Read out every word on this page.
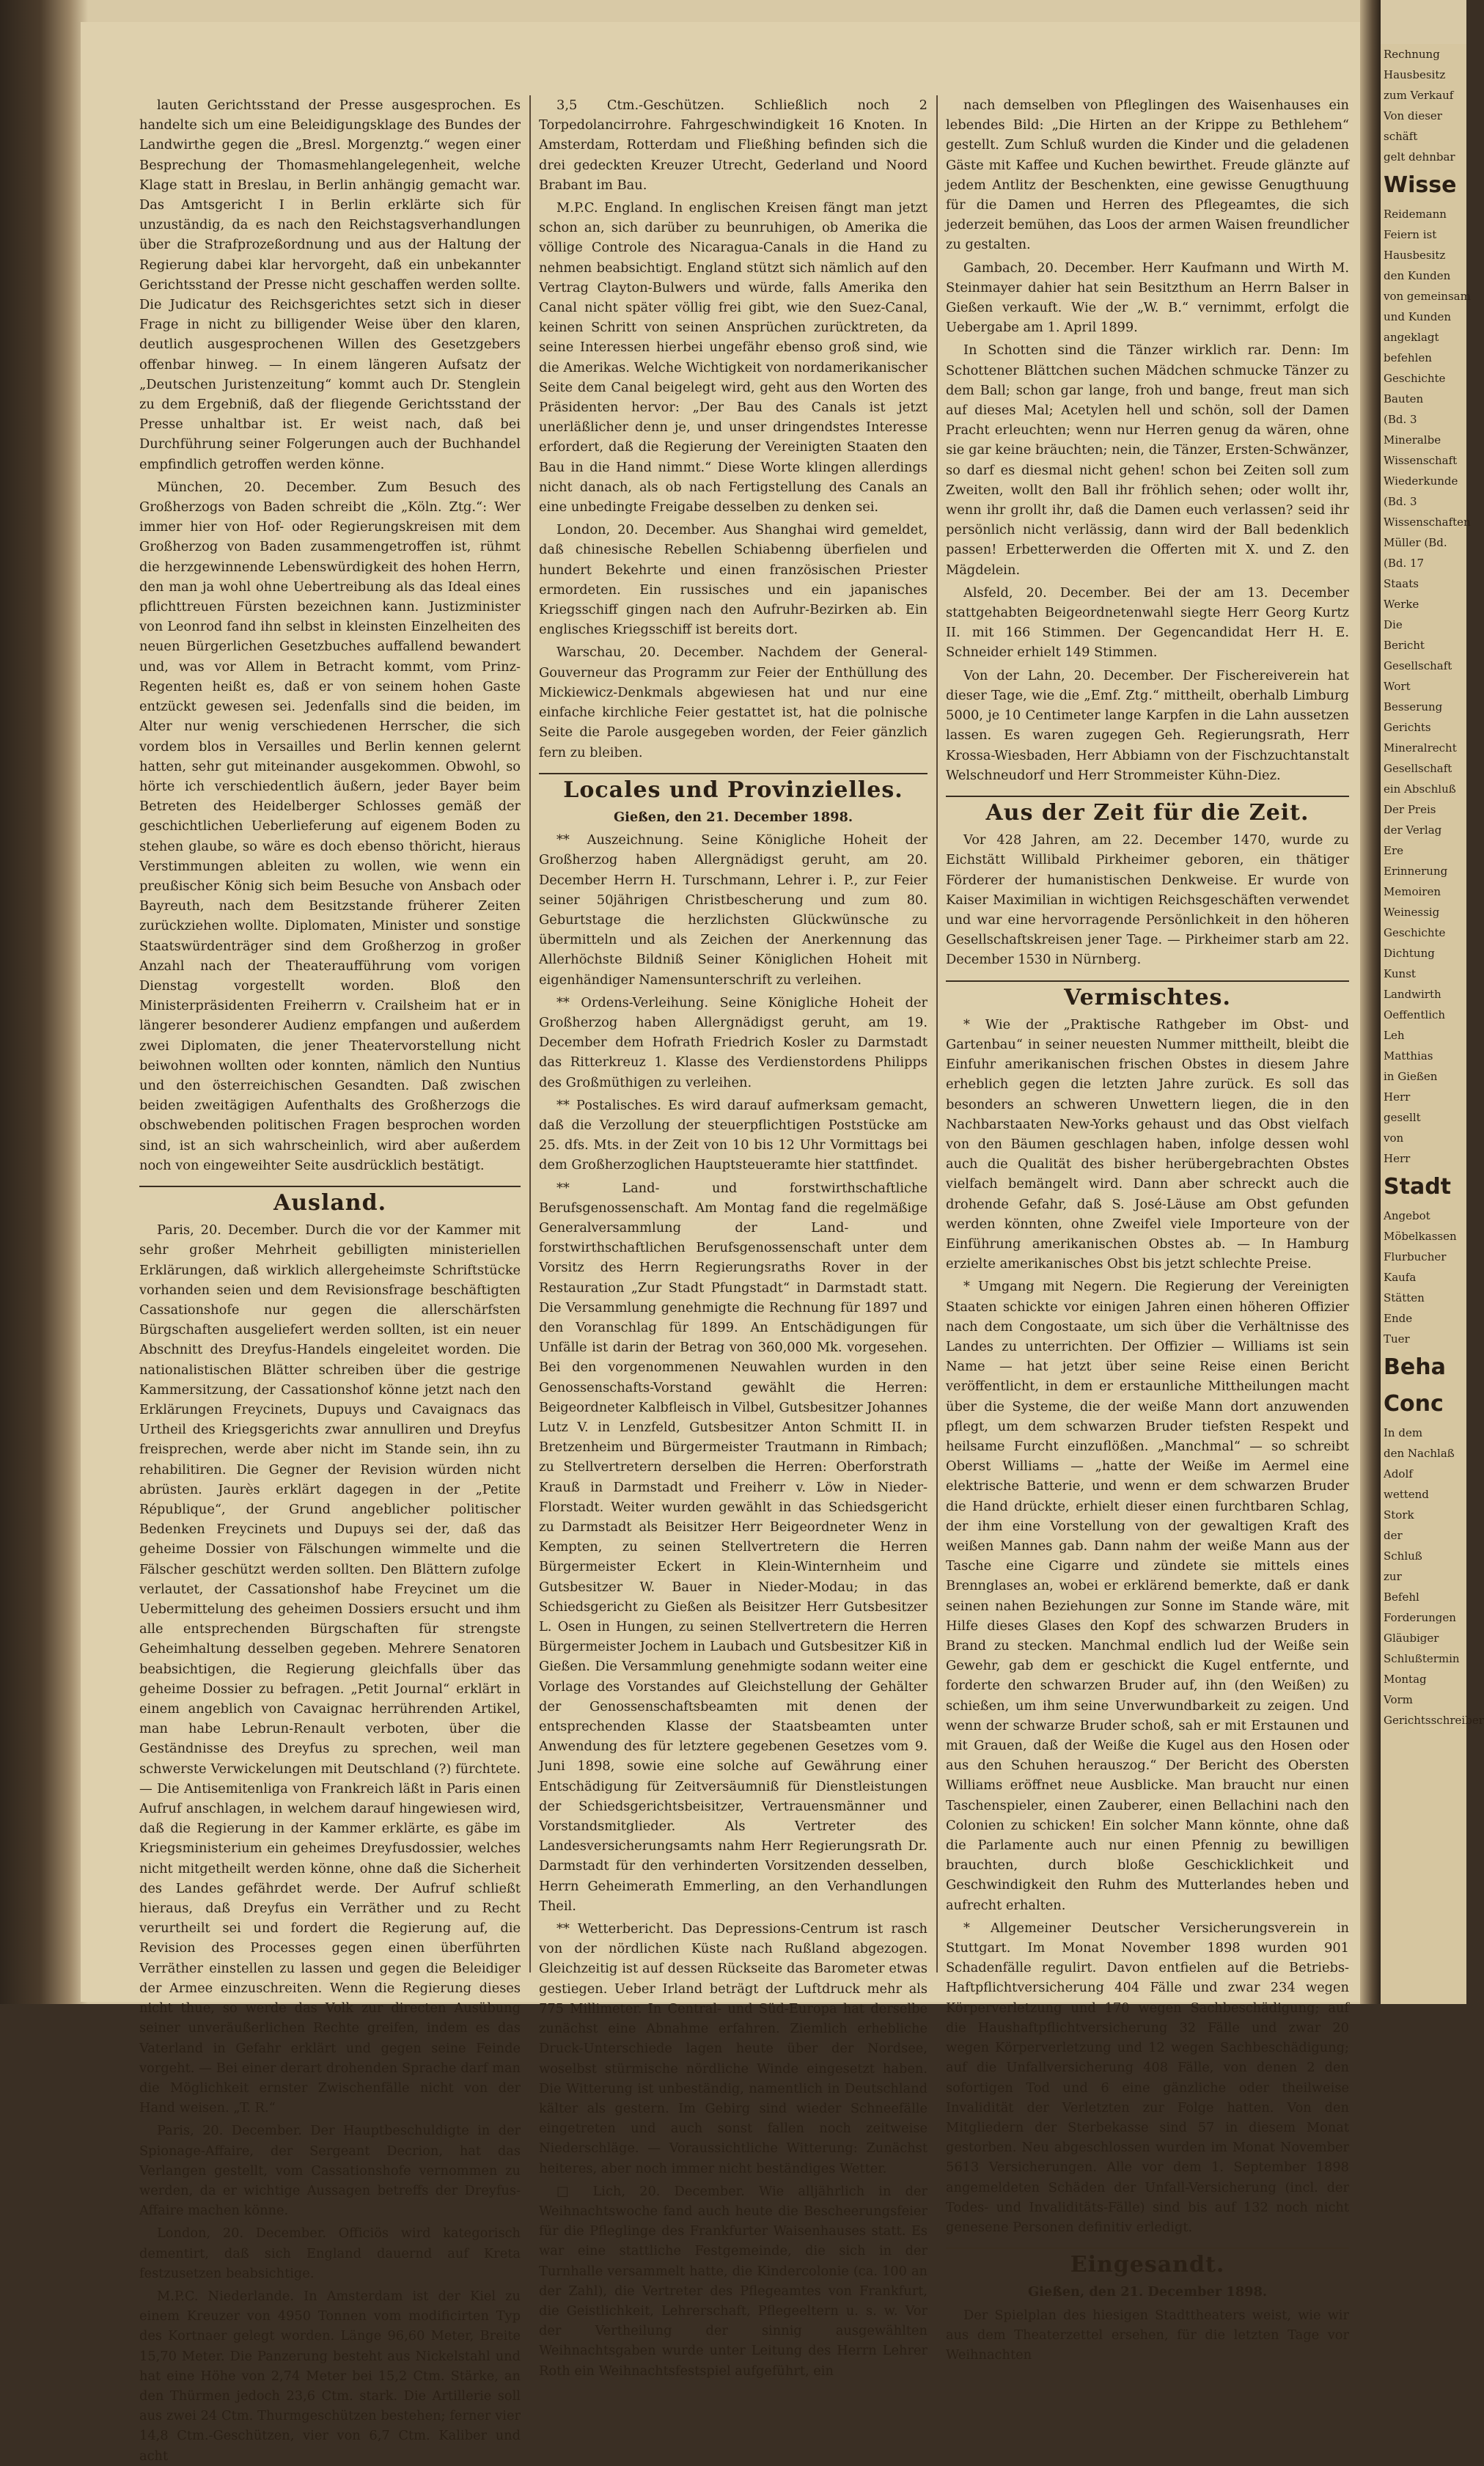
lauten Gerichtsstand der Presse ausgesprochen. Es handelte sich um eine Beleidigungsklage des Bundes der Landwirthe gegen die „Bresl. Morgenztg.“ wegen einer Besprechung der Thomasmehlangelegenheit, welche Klage statt in Breslau, in Berlin anhängig gemacht war. Das Amtsgericht I in Berlin erklärte sich für unzuständig, da es nach den Reichstagsverhandlungen über die Strafprozeßordnung und aus der Haltung der Regierung dabei klar hervorgeht, daß ein unbekannter Gerichtsstand der Presse nicht geschaffen werden sollte. Die Judicatur des Reichsgerichtes setzt sich in dieser Frage in nicht zu billigender Weise über den klaren, deutlich ausgesprochenen Willen des Gesetzgebers offenbar hinweg. — In einem längeren Aufsatz der „Deutschen Juristenzeitung“ kommt auch Dr. Stenglein zu dem Ergebniß, daß der fliegende Gerichtsstand der Presse unhaltbar ist. Er weist nach, daß bei Durchführung seiner Folgerungen auch der Buchhandel empfindlich getroffen werden könne.

München, 20. December. Zum Besuch des Großherzogs von Baden schreibt die „Köln. Ztg.“: Wer immer hier von Hof- oder Regierungskreisen mit dem Großherzog von Baden zusammengetroffen ist, rühmt die herzgewinnende Lebenswürdigkeit des hohen Herrn, den man ja wohl ohne Uebertreibung als das Ideal eines pflichttreuen Fürsten bezeichnen kann. Justizminister von Leonrod fand ihn selbst in kleinsten Einzelheiten des neuen Bürgerlichen Gesetzbuches auffallend bewandert und, was vor Allem in Betracht kommt, vom Prinz-Regenten heißt es, daß er von seinem hohen Gaste entzückt gewesen sei. Jedenfalls sind die beiden, im Alter nur wenig verschiedenen Herrscher, die sich vordem blos in Versailles und Berlin kennen gelernt hatten, sehr gut miteinander ausgekommen. Obwohl, so hörte ich verschiedentlich äußern, jeder Bayer beim Betreten des Heidelberger Schlosses gemäß der geschichtlichen Ueberlieferung auf eigenem Boden zu stehen glaube, so wäre es doch ebenso thöricht, hieraus Verstimmungen ableiten zu wollen, wie wenn ein preußischer König sich beim Besuche von Ansbach oder Bayreuth, nach dem Besitzstande früherer Zeiten zurückziehen wollte. Diplomaten, Minister und sonstige Staatswürdenträger sind dem Großherzog in großer Anzahl nach der Theateraufführung vom vorigen Dienstag vorgestellt worden. Bloß den Ministerpräsidenten Freiherrn v. Crailsheim hat er in längerer besonderer Audienz empfangen und außerdem zwei Diplomaten, die jener Theatervorstellung nicht beiwohnen wollten oder konnten, nämlich den Nuntius und den österreichischen Gesandten. Daß zwischen beiden zweitägigen Aufenthalts des Großherzogs die obschwebenden politischen Fragen besprochen worden sind, ist an sich wahrscheinlich, wird aber außerdem noch von eingeweihter Seite ausdrücklich bestätigt.

Ausland.

Paris, 20. December. Durch die vor der Kammer mit sehr großer Mehrheit gebilligten ministeriellen Erklärungen, daß wirklich allergeheimste Schriftstücke vorhanden seien und dem Revisionsfrage beschäftigten Cassationshofe nur gegen die allerschärfsten Bürgschaften ausgeliefert werden sollten, ist ein neuer Abschnitt des Dreyfus-Handels eingeleitet worden. Die nationalistischen Blätter schreiben über die gestrige Kammersitzung, der Cassationshof könne jetzt nach den Erklärungen Freycinets, Dupuys und Cavaignacs das Urtheil des Kriegsgerichts zwar annulliren und Dreyfus freisprechen, werde aber nicht im Stande sein, ihn zu rehabilitiren. Die Gegner der Revision würden nicht abrüsten. Jaurès erklärt dagegen in der „Petite République“, der Grund angeblicher politischer Bedenken Freycinets und Dupuys sei der, daß das geheime Dossier von Fälschungen wimmelte und die Fälscher geschützt werden sollten. Den Blättern zufolge verlautet, der Cassationshof habe Freycinet um die Uebermittelung des geheimen Dossiers ersucht und ihm alle entsprechenden Bürgschaften für strengste Geheimhaltung desselben gegeben. Mehrere Senatoren beabsichtigen, die Regierung gleichfalls über das geheime Dossier zu befragen. „Petit Journal“ erklärt in einem angeblich von Cavaignac herrührenden Artikel, man habe Lebrun-Renault verboten, über die Geständnisse des Dreyfus zu sprechen, weil man schwerste Verwickelungen mit Deutschland (?) fürchtete. — Die Antisemitenliga von Frankreich läßt in Paris einen Aufruf anschlagen, in welchem darauf hingewiesen wird, daß die Regierung in der Kammer erklärte, es gäbe im Kriegsministerium ein geheimes Dreyfusdossier, welches nicht mitgetheilt werden könne, ohne daß die Sicherheit des Landes gefährdet werde. Der Aufruf schließt hieraus, daß Dreyfus ein Verräther und zu Recht verurtheilt sei und fordert die Regierung auf, die Revision des Processes gegen einen überführten Verräther einstellen zu lassen und gegen die Beleidiger der Armee einzuschreiten. Wenn die Regierung dieses nicht thue, so werde das Volk zur directen Ausübung seiner unveräußerlichen Rechte greifen, indem es das Vaterland in Gefahr erklärt und gegen seine Feinde vorgeht. — Bei einer derart drohenden Sprache darf man die Möglichkeit ernster Zwischenfälle nicht von der Hand weisen. „T. R.“

Paris, 20. December. Der Hauptbeschuldigte in der Spionage-Affaire, der Sergeant Decrion, hat das Verlangen gestellt, vom Cassationshofe vernommen zu werden, da er wichtige Aussagen betreffs der Dreyfus-Affaire machen könne.

London, 20. December. Officiös wird kategorisch dementirt, daß sich England dauernd auf Kreta festzusetzen beabsichtige.

M.P.C. Niederlande. In Amsterdam ist der Kiel zu einem Kreuzer von 4950 Tonnen vom modificirten Typ des Kortnaer gelegt worden. Länge 96,60 Meter, Breite 15,70 Meter. Die Panzerung besteht aus Nickelstahl und hat eine Höhe von 2,74 Meter bei 15,2 Ctm. Stärke, an den Thürmen jedoch 23,6 Ctm. stark. Die Artillerie soll aus zwei 24 Ctm. Thurmgeschützen bestehen; ferner vier 14,8 Ctm.-Geschützen, vier von 6,7 Ctm. Kaliber und acht

3,5 Ctm.-Geschützen. Schließlich noch 2 Torpedolancirrohre. Fahrgeschwindigkeit 16 Knoten. In Amsterdam, Rotterdam und Fließhing befinden sich die drei gedeckten Kreuzer Utrecht, Gederland und Noord Brabant im Bau.

M.P.C. England. In englischen Kreisen fängt man jetzt schon an, sich darüber zu beunruhigen, ob Amerika die völlige Controle des Nicaragua-Canals in die Hand zu nehmen beabsichtigt. England stützt sich nämlich auf den Vertrag Clayton-Bulwers und würde, falls Amerika den Canal nicht später völlig frei gibt, wie den Suez-Canal, keinen Schritt von seinen Ansprüchen zurücktreten, da seine Interessen hierbei ungefähr ebenso groß sind, wie die Amerikas. Welche Wichtigkeit von nordamerikanischer Seite dem Canal beigelegt wird, geht aus den Worten des Präsidenten hervor: „Der Bau des Canals ist jetzt unerläßlicher denn je, und unser dringendstes Interesse erfordert, daß die Regierung der Vereinigten Staaten den Bau in die Hand nimmt.“ Diese Worte klingen allerdings nicht danach, als ob nach Fertigstellung des Canals an eine unbedingte Freigabe desselben zu denken sei.

London, 20. December. Aus Shanghai wird gemeldet, daß chinesische Rebellen Schiabenng überfielen und hundert Bekehrte und einen französischen Priester ermordeten. Ein russisches und ein japanisches Kriegsschiff gingen nach den Aufruhr-Bezirken ab. Ein englisches Kriegsschiff ist bereits dort.

Warschau, 20. December. Nachdem der General-Gouverneur das Programm zur Feier der Enthüllung des Mickiewicz-Denkmals abgewiesen hat und nur eine einfache kirchliche Feier gestattet ist, hat die polnische Seite die Parole ausgegeben worden, der Feier gänzlich fern zu bleiben.

Locales und Provinzielles.

Gießen, den 21. December 1898.

** Auszeichnung. Seine Königliche Hoheit der Großherzog haben Allergnädigst geruht, am 20. December Herrn H. Turschmann, Lehrer i. P., zur Feier seiner 50jährigen Christbescherung und zum 80. Geburtstage die herzlichsten Glückwünsche zu übermitteln und als Zeichen der Anerkennung das Allerhöchste Bildniß Seiner Königlichen Hoheit mit eigenhändiger Namensunterschrift zu verleihen.

** Ordens-Verleihung. Seine Königliche Hoheit der Großherzog haben Allergnädigst geruht, am 19. December dem Hofrath Friedrich Kosler zu Darmstadt das Ritterkreuz 1. Klasse des Verdienstordens Philipps des Großmüthigen zu verleihen.

** Postalisches. Es wird darauf aufmerksam gemacht, daß die Verzollung der steuerpflichtigen Poststücke am 25. dfs. Mts. in der Zeit von 10 bis 12 Uhr Vormittags bei dem Großherzoglichen Hauptsteueramte hier stattfindet.

** Land- und forstwirthschaftliche Berufsgenossenschaft. Am Montag fand die regelmäßige Generalversammlung der Land- und forstwirthschaftlichen Berufsgenossenschaft unter dem Vorsitz des Herrn Regierungsraths Rover in der Restauration „Zur Stadt Pfungstadt“ in Darmstadt statt. Die Versammlung genehmigte die Rechnung für 1897 und den Voranschlag für 1899. An Entschädigungen für Unfälle ist darin der Betrag von 360,000 Mk. vorgesehen. Bei den vorgenommenen Neuwahlen wurden in den Genossenschafts-Vorstand gewählt die Herren: Beigeordneter Kalbfleisch in Vilbel, Gutsbesitzer Johannes Lutz V. in Lenzfeld, Gutsbesitzer Anton Schmitt II. in Bretzenheim und Bürgermeister Trautmann in Rimbach; zu Stellvertretern derselben die Herren: Oberforstrath Krauß in Darmstadt und Freiherr v. Löw in Nieder-Florstadt. Weiter wurden gewählt in das Schiedsgericht zu Darmstadt als Beisitzer Herr Beigeordneter Wenz in Kempten, zu seinen Stellvertretern die Herren Bürgermeister Eckert in Klein-Winternheim und Gutsbesitzer W. Bauer in Nieder-Modau; in das Schiedsgericht zu Gießen als Beisitzer Herr Gutsbesitzer L. Osen in Hungen, zu seinen Stellvertretern die Herren Bürgermeister Jochem in Laubach und Gutsbesitzer Kiß in Gießen. Die Versammlung genehmigte sodann weiter eine Vorlage des Vorstandes auf Gleichstellung der Gehälter der Genossenschaftsbeamten mit denen der entsprechenden Klasse der Staatsbeamten unter Anwendung des für letztere gegebenen Gesetzes vom 9. Juni 1898, sowie eine solche auf Gewährung einer Entschädigung für Zeitversäumniß für Dienstleistungen der Schiedsgerichtsbeisitzer, Vertrauensmänner und Vorstandsmitglieder. Als Vertreter des Landesversicherungsamts nahm Herr Regierungsrath Dr. Darmstadt für den verhinderten Vorsitzenden desselben, Herrn Geheimerath Emmerling, an den Verhandlungen Theil.

** Wetterbericht. Das Depressions-Centrum ist rasch von der nördlichen Küste nach Rußland abgezogen. Gleichzeitig ist auf dessen Rückseite das Barometer etwas gestiegen. Ueber Irland beträgt der Luftdruck mehr als 775 Millimeter. In Central- und Süd-Europa hat derselbe zunächst eine Abnahme erfahren. Ziemlich erhebliche Druck-Unterschiede lagen heute über der Nordsee, woselbst stürmische nördliche Winde eingesetzt haben. Die Witterung ist unbeständig, namentlich in Deutschland kälter als gestern. Im Gebirg sind wieder Schneefälle eingetreten und auch sonst fallen noch zeitweise Niederschläge. — Voraussichtliche Witterung: Zunächst heiteres, aber noch immer nicht beständiges Wetter.

□ Lich, 20. December. Wie alljährlich in der Weihnachtswoche fand auch heute die Bescheerungsfeier für die Pfleglinge des Frankfurter Waisenhauses statt. Es war eine stattliche Festgemeinde, die sich in der Turnhalle versammelt hatte, die Kindercolonie (ca. 100 an der Zahl), die Vertreter des Pflegeamtes von Frankfurt, die Geistlichkeit, Lehrerschaft, Pflegeeltern u. s. w. Vor der Vertheilung der sinnig ausgewählten Weihnachtsgaben wurde unter Leitung des Herrn Lehrer Roth ein Weihnachtsfestspiel aufgeführt, ein

nach demselben von Pfleglingen des Waisenhauses ein lebendes Bild: „Die Hirten an der Krippe zu Bethlehem“ gestellt. Zum Schluß wurden die Kinder und die geladenen Gäste mit Kaffee und Kuchen bewirthet. Freude glänzte auf jedem Antlitz der Beschenkten, eine gewisse Genugthuung für die Damen und Herren des Pflegeamtes, die sich jederzeit bemühen, das Loos der armen Waisen freundlicher zu gestalten.

Gambach, 20. December. Herr Kaufmann und Wirth M. Steinmayer dahier hat sein Besitzthum an Herrn Balser in Gießen verkauft. Wie der „W. B.“ vernimmt, erfolgt die Uebergabe am 1. April 1899.

In Schotten sind die Tänzer wirklich rar. Denn: Im Schottener Blättchen suchen Mädchen schmucke Tänzer zu dem Ball; schon gar lange, froh und bange, freut man sich auf dieses Mal; Acetylen hell und schön, soll der Damen Pracht erleuchten; wenn nur Herren genug da wären, ohne sie gar keine bräuchten; nein, die Tänzer, Ersten-Schwänzer, so darf es diesmal nicht gehen! schon bei Zeiten soll zum Zweiten, wollt den Ball ihr fröhlich sehen; oder wollt ihr, wenn ihr grollt ihr, daß die Damen euch verlassen? seid ihr persönlich nicht verlässig, dann wird der Ball bedenklich passen! Erbetterwerden die Offerten mit X. und Z. den Mägdelein.

Alsfeld, 20. December. Bei der am 13. December stattgehabten Beigeordnetenwahl siegte Herr Georg Kurtz II. mit 166 Stimmen. Der Gegencandidat Herr H. E. Schneider erhielt 149 Stimmen.

Von der Lahn, 20. December. Der Fischereiverein hat dieser Tage, wie die „Emf. Ztg.“ mittheilt, oberhalb Limburg 5000, je 10 Centimeter lange Karpfen in die Lahn aussetzen lassen. Es waren zugegen Geh. Regierungsrath, Herr Krossa-Wiesbaden, Herr Abbiamn von der Fischzuchtanstalt Welschneudorf und Herr Strommeister Kühn-Diez.

Aus der Zeit für die Zeit.

Vor 428 Jahren, am 22. December 1470, wurde zu Eichstätt Willibald Pirkheimer geboren, ein thätiger Förderer der humanistischen Denkweise. Er wurde von Kaiser Maximilian in wichtigen Reichsgeschäften verwendet und war eine hervorragende Persönlichkeit in den höheren Gesellschaftskreisen jener Tage. — Pirkheimer starb am 22. December 1530 in Nürnberg.

Vermischtes.

* Wie der „Praktische Rathgeber im Obst- und Gartenbau“ in seiner neuesten Nummer mittheilt, bleibt die Einfuhr amerikanischen frischen Obstes in diesem Jahre erheblich gegen die letzten Jahre zurück. Es soll das besonders an schweren Unwettern liegen, die in den Nachbarstaaten New-Yorks gehaust und das Obst vielfach von den Bäumen geschlagen haben, infolge dessen wohl auch die Qualität des bisher herübergebrachten Obstes vielfach bemängelt wird. Dann aber schreckt auch die drohende Gefahr, daß S. José-Läuse am Obst gefunden werden könnten, ohne Zweifel viele Importeure von der Einführung amerikanischen Obstes ab. — In Hamburg erzielte amerikanisches Obst bis jetzt schlechte Preise.

* Umgang mit Negern. Die Regierung der Vereinigten Staaten schickte vor einigen Jahren einen höheren Offizier nach dem Congostaate, um sich über die Verhältnisse des Landes zu unterrichten. Der Offizier — Williams ist sein Name — hat jetzt über seine Reise einen Bericht veröffentlicht, in dem er erstaunliche Mittheilungen macht über die Systeme, die der weiße Mann dort anzuwenden pflegt, um dem schwarzen Bruder tiefsten Respekt und heilsame Furcht einzuflößen. „Manchmal“ — so schreibt Oberst Williams — „hatte der Weiße im Aermel eine elektrische Batterie, und wenn er dem schwarzen Bruder die Hand drückte, erhielt dieser einen furchtbaren Schlag, der ihm eine Vorstellung von der gewaltigen Kraft des weißen Mannes gab. Dann nahm der weiße Mann aus der Tasche eine Cigarre und zündete sie mittels eines Brennglases an, wobei er erklärend bemerkte, daß er dank seinen nahen Beziehungen zur Sonne im Stande wäre, mit Hilfe dieses Glases den Kopf des schwarzen Bruders in Brand zu stecken. Manchmal endlich lud der Weiße sein Gewehr, gab dem er geschickt die Kugel entfernte, und forderte den schwarzen Bruder auf, ihn (den Weißen) zu schießen, um ihm seine Unverwundbarkeit zu zeigen. Und wenn der schwarze Bruder schoß, sah er mit Erstaunen und mit Grauen, daß der Weiße die Kugel aus den Hosen oder aus den Schuhen herauszog.“ Der Bericht des Obersten Williams eröffnet neue Ausblicke. Man braucht nur einen Taschenspieler, einen Zauberer, einen Bellachini nach den Colonien zu schicken! Ein solcher Mann könnte, ohne daß die Parlamente auch nur einen Pfennig zu bewilligen brauchten, durch bloße Geschicklichkeit und Geschwindigkeit den Ruhm des Mutterlandes heben und aufrecht erhalten.

* Allgemeiner Deutscher Versicherungsverein in Stuttgart. Im Monat November 1898 wurden 901 Schadenfälle regulirt. Davon entfielen auf die Betriebs-Haftpflichtversicherung 404 Fälle und zwar 234 wegen Körperverletzung und 170 wegen Sachbeschädigung; auf die Haushaftpflichtversicherung 32 Fälle und zwar 20 wegen Körperverletzung und 12 wegen Sachbeschädigung; auf die Unfallversicherung 408 Fälle, von denen 2 den sofortigen Tod und 6 eine gänzliche oder theilweise Invalidität der Verletzten zur Folge hatten. Von den Mitgliedern der Sterbekasse sind 57 in diesem Monat gestorben. Neu abgeschlossen wurden im Monat November 5613 Versicherungen. Alle vor dem 1. September 1898 angemeldeten Schäden der Unfall-Versicherung (incl. der Todes- und Invaliditäts-Fälle) sind bis auf 132 noch nicht genesene Personen definitiv erledigt.

Eingesandt.

Gießen, den 21. December 1898.

Der Spielplan des hiesigen Stadttheaters weist, wie wir aus dem Theaterzettel ersehen, für die letzten Tage vor Weihnachten

Rechnung

Hausbesitz

zum Verkauf

Von dieser

schäft

gelt dehnbar

Wisse

Reidemann

Feiern ist

Hausbesitz

den Kunden

von gemeinsam

und Kunden

angeklagt

befehlen

Geschichte

Bauten

(Bd. 3

Mineralbe

Wissenschaft

Wiederkunde

(Bd. 3

Wissenschaften

Müller (Bd.

(Bd. 17

Staats

Werke

Die

Bericht

Gesellschaft

Wort

Besserung

Gerichts

Mineralrecht

Gesellschaft

ein Abschluß

Der Preis

der Verlag

Ere

Erinnerung

Memoiren

Weinessig

Geschichte

Dichtung

Kunst

Landwirth

Oeffentlich

Leh

Matthias

in Gießen

Herr

gesellt

von

Herr

Stadt

Angebot

Möbelkassen

Flurbucher

Kaufa

Stätten

Ende

Tuer

Beha

Conc

In dem

den Nachlaß

Adolf

wettend

Stork

der

Schluß

zur

Befehl

Forderungen

Gläubiger

Schlußtermin

Montag

Vorm

Gerichtsschreiber
